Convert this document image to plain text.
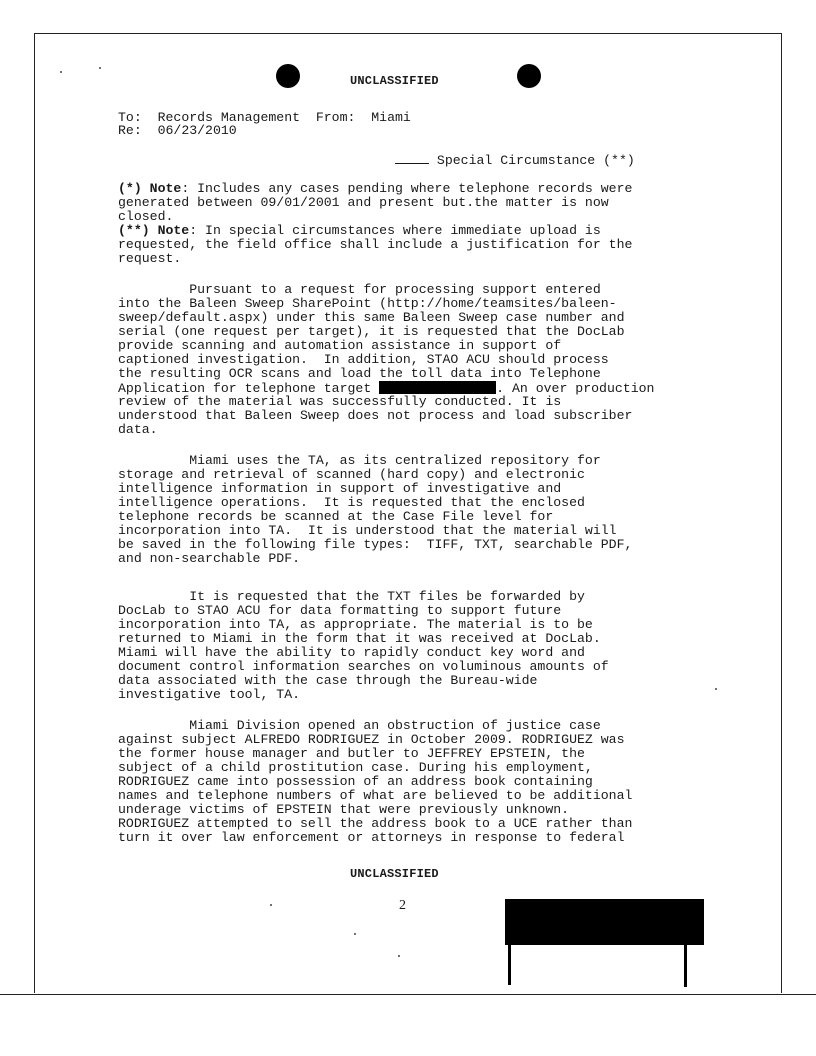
UNCLASSIFIED
To: Records Management From: Miami
Re: 06/23/2010
Special Circumstance (**)
(*) Note: Includes any cases pending where telephone records were
generated between 09/01/2001 and present but.the matter is now
closed.
(**) Note: In special circumstances where immediate upload is
requested, the field office shall include a justification for the
request.
Pursuant to a request for processing support entered
into the Baleen Sweep SharePoint (http://home/teamsites/baleen-
sweep/default.aspx) under this same Baleen Sweep case number and
serial (one request per target), it is requested that the DocLab
provide scanning and automation assistance in support of
captioned investigation.  In addition, STAO ACU should process
the resulting OCR scans and load the toll data into Telephone
Application for telephone target	. An over production
review of the material was successfully conducted. It is
understood that Baleen Sweep does not process and load subscriber
data.
Miami uses the TA, as its centralized repository for
storage and retrieval of scanned (hard copy) and electronic
intelligence information in support of investigative and
intelligence operations.  It is requested that the enclosed
telephone records be scanned at the Case File level for
incorporation into TA.  It is understood that the material will
be saved in the following file types:  TIFF, TXT, searchable PDF,
and non-searchable PDF.
It is requested that the TXT files be forwarded by
DocLab to STAO ACU for data formatting to support future
incorporation into TA, as appropriate. The material is to be
returned to Miami in the form that it was received at DocLab.
Miami will have the ability to rapidly conduct key word and
document control information searches on voluminous amounts of
data associated with the case through the Bureau-wide
investigative tool, TA.
Miami Division opened an obstruction of justice case
against subject ALFREDO RODRIGUEZ in October 2009. RODRIGUEZ was
the former house manager and butler to JEFFREY EPSTEIN, the
subject of a child prostitution case. During his employment,
RODRIGUEZ came into possession of an address book containing
names and telephone numbers of what are believed to be additional
underage victims of EPSTEIN that were previously unknown.
RODRIGUEZ attempted to sell the address book to a UCE rather than
turn it over law enforcement or attorneys in response to federal
UNCLASSIFIED
2
